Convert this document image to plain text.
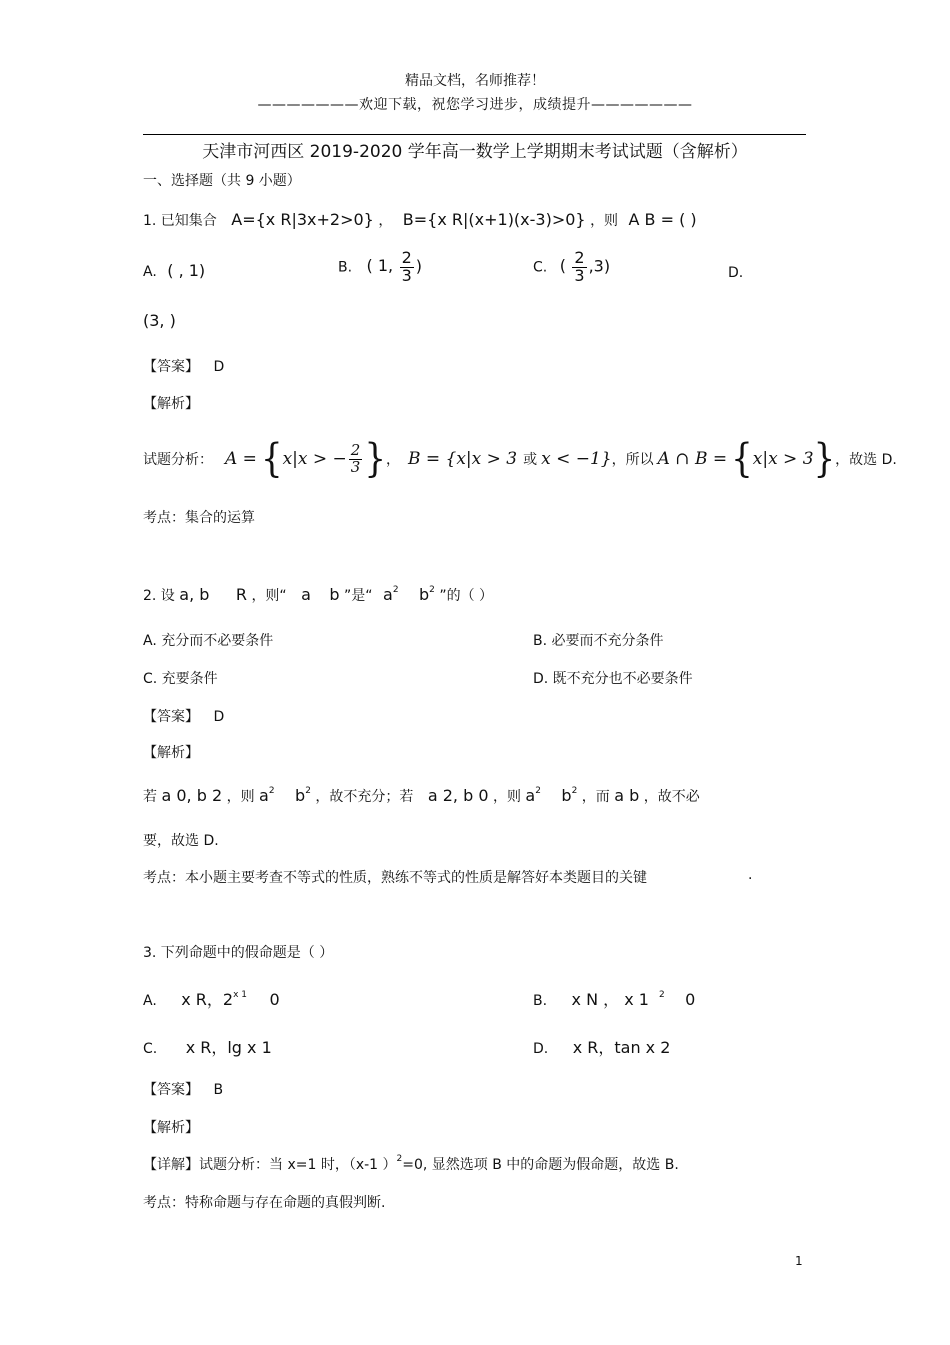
精品文档，名师推荐！
———————欢迎下载，祝您学习进步，成绩提升———————
天津市河西区 2019-2020 学年高一数学上学期期末考试试题（含解析）
一、选择题（共 9 小题）
1. 已知集合 A={x R|3x+2>0} ， B={x R|(x+1)(x-3)>0} ，则 A B = ( )
A. ( , 1)	B. ( 1, $\frac{2}{3}$ )	C. ( $\frac{2}{3} ,3$)	D.
(3, )
【答案】 D
【解析】
试题分析： A = { x|x > − $\frac{2}{3}$ } ， B = {x|x > 3 或 x < −1} ，所以 A ∩ B = { x|x > 3 } ，故选 D.
考点：集合的运算
2. 设 a, b R ，则“ a b ”是“ $a^2$ $b^2$ ”的（ ）
A. 充分而不必要条件	B. 必要而不充分条件
C. 充要条件	D. 既不充分也不必要条件
【答案】 D
【解析】
若 a 0, b 2 ，则 $a^2$ $b^2$ ，故不充分；若 a 2, b 0 ，则 $a^2$ $b^2$ ，而 a b ，故不必
要，故选 D.
考点：本小题主要考查不等式的性质，熟练不等式的性质是解答好本类题目的关键	.
3. 下列命题中的假命题是（ ）
A. x R，$2^{x 1}$ 0	B. x N ， x 1 $^2$ 0
C. x R，lg x 1	D. x R，tan x 2
【答案】 B
【解析】
【详解】试题分析：当 x=1 时，（x-1 ）$^2$=0, 显然选项 B 中的命题为假命题，故选 B.
考点：特称命题与存在命题的真假判断.
1
